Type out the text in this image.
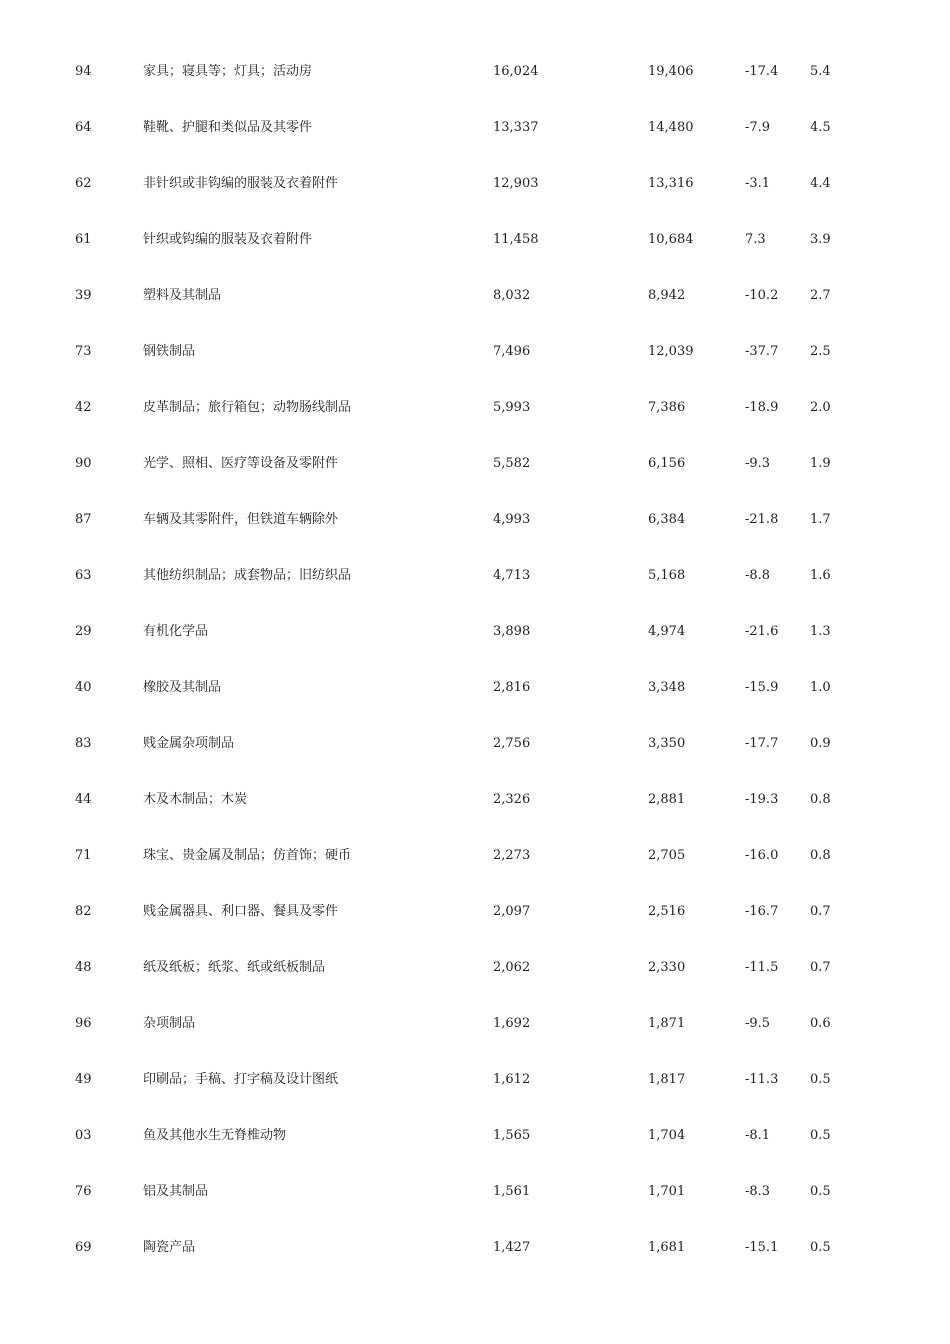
94	家具；寝具等；灯具；活动房	16,024	19,406	-17.4 5.4
64	鞋靴、护腿和类似品及其零件	13,337	14,480	-7.9	4.5
62	非针织或非钩编的服装及衣着附件	12,903	13,316	-3.1	4.4
61	针织或钩编的服装及衣着附件	11,458	10,684	7.3	3.9
39	塑料及其制品	8,032	8,942	-10.2 2.7
73	钢铁制品	7,496	12,039	-37.7 2.5
42	皮革制品；旅行箱包；动物肠线制品	5,993	7,386	-18.9 2.0
90	光学、照相、医疗等设备及零附件	5,582	6,156	-9.3	1.9
87	车辆及其零附件，但铁道车辆除外	4,993	6,384	-21.8 1.7
63	其他纺织制品；成套物品；旧纺织品	4,713	5,168	-8.8	1.6
29	有机化学品	3,898	4,974	-21.6 1.3
40	橡胶及其制品	2,816	3,348	-15.9 1.0
83	贱金属杂项制品	2,756	3,350	-17.7 0.9
44	木及木制品；木炭	2,326	2,881	-19.3 0.8
71	珠宝、贵金属及制品；仿首饰；硬币	2,273	2,705	-16.0 0.8
82	贱金属器具、利口器、餐具及零件	2,097	2,516	-16.7 0.7
48	纸及纸板；纸浆、纸或纸板制品	2,062	2,330	-11.5 0.7
96	杂项制品	1,692	1,871	-9.5	0.6
49	印刷品；手稿、打字稿及设计图纸	1,612	1,817	-11.3 0.5
03	鱼及其他水生无脊椎动物	1,565	1,704	-8.1	0.5
76	铝及其制品	1,561	1,701	-8.3	0.5
69	陶瓷产品	1,427	1,681	-15.1 0.5
